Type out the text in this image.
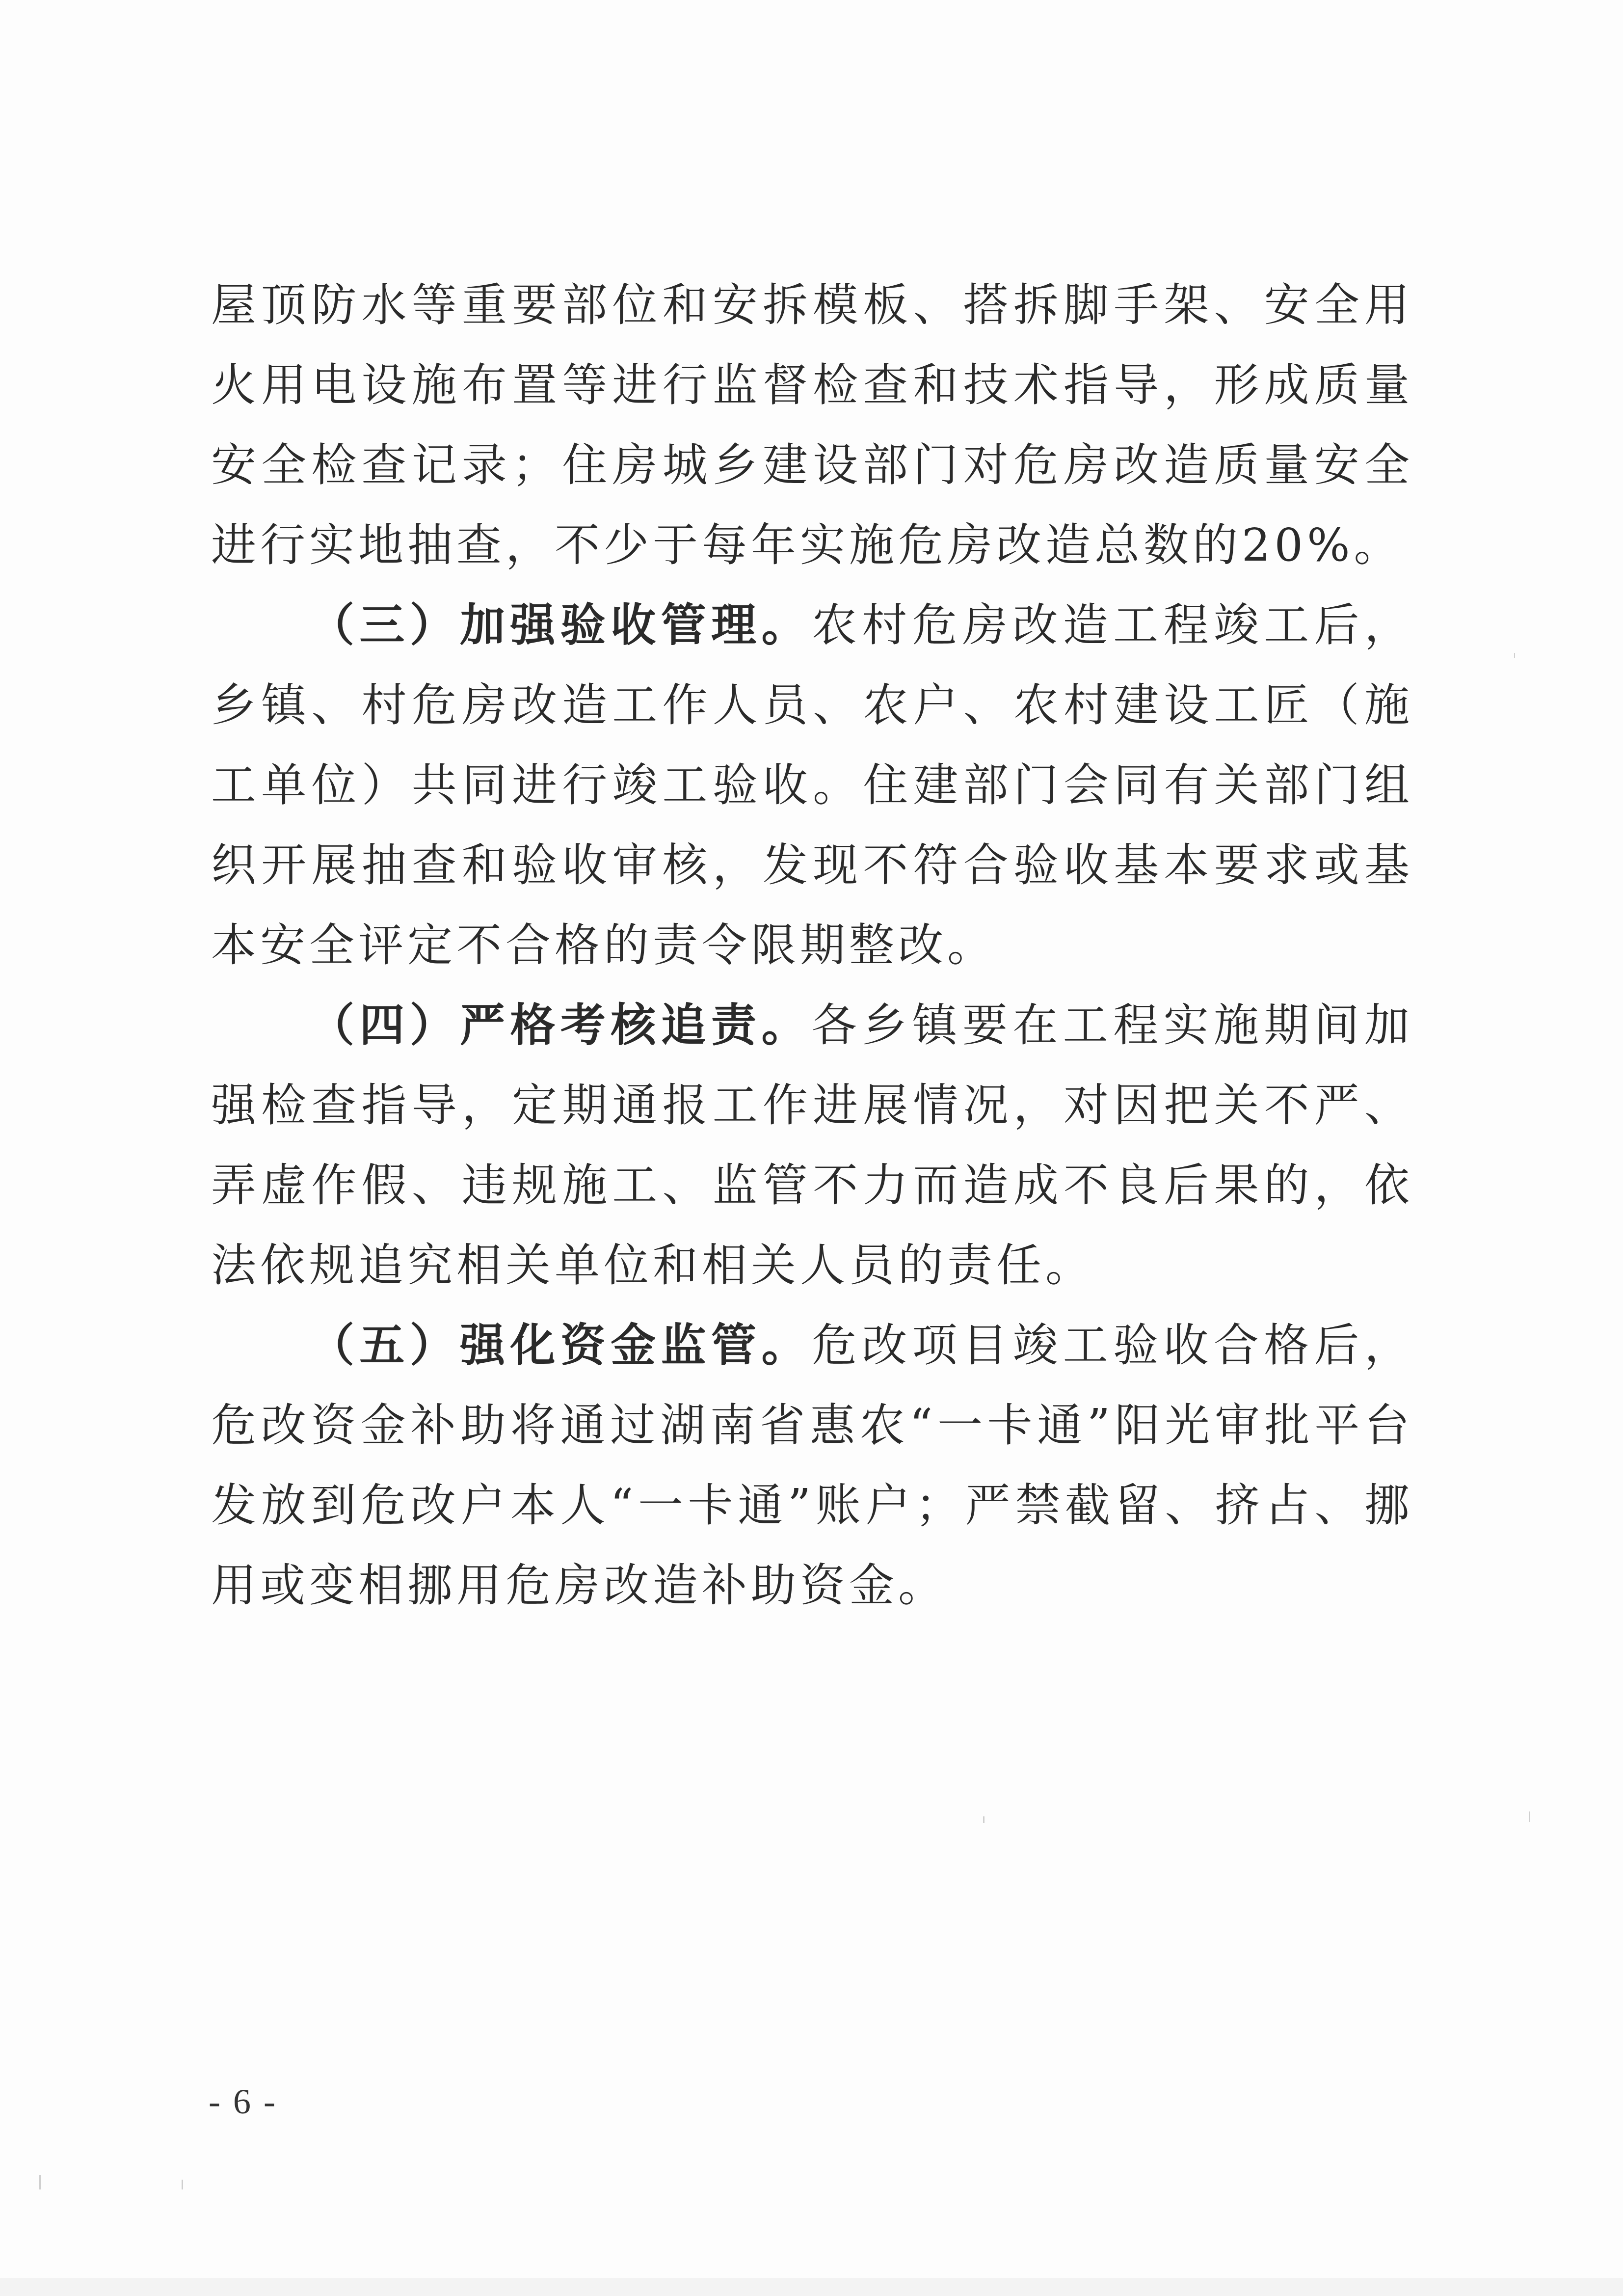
屋顶防水等重要部位和安拆模板、搭拆脚手架、安全用火用电设施布置等进行监督检查和技术指导，形成质量安全检查记录；住房城乡建设部门对危房改造质量安全进行实地抽查，不少于每年实施危房改造总数的20%。

（三）加强验收管理。农村危房改造工程竣工后，乡镇、村危房改造工作人员、农户、农村建设工匠（施工单位）共同进行竣工验收。住建部门会同有关部门组织开展抽查和验收审核，发现不符合验收基本要求或基本安全评定不合格的责令限期整改。

（四）严格考核追责。各乡镇要在工程实施期间加强检查指导，定期通报工作进展情况，对因把关不严、弄虚作假、违规施工、监管不力而造成不良后果的，依法依规追究相关单位和相关人员的责任。

（五）强化资金监管。危改项目竣工验收合格后，危改资金补助将通过湖南省惠农“一卡通”阳光审批平台发放到危改户本人“一卡通”账户；严禁截留、挤占、挪用或变相挪用危房改造补助资金。

- 6 -
